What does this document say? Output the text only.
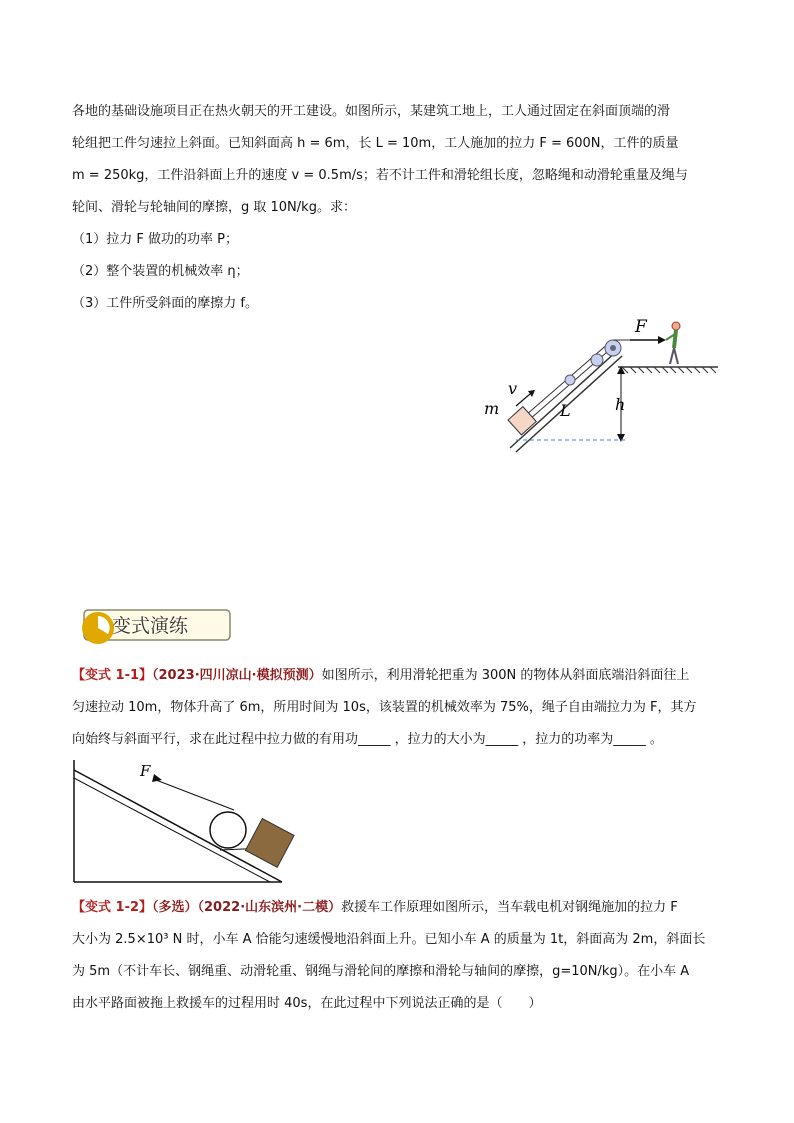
各地的基础设施项目正在热火朝天的开工建设。如图所示，某建筑工地上，工人通过固定在斜面顶端的滑
轮组把工件匀速拉上斜面。已知斜面高 h = 6m，长 L = 10m，工人施加的拉力 F = 600N，工件的质量
m = 250kg，工件沿斜面上升的速度 v = 0.5m/s；若不计工件和滑轮组长度，忽略绳和动滑轮重量及绳与
轮间、滑轮与轮轴间的摩擦，g 取 10N/kg。求：
（1）拉力 F 做功的功率 P；
（2）整个装置的机械效率 η；
（3）工件所受斜面的摩擦力 f。
F
m
v
L	h
变式演练
【变式 1-1】（2023·四川凉山·模拟预测）如图所示，利用滑轮把重为 300N 的物体从斜面底端沿斜面往上
匀速拉动 10m，物体升高了 6m，所用时间为 10s，该装置的机械效率为 75%，绳子自由端拉力为 F，其方
向始终与斜面平行，求在此过程中拉力做的有用功_____ ，拉力的大小为_____ ，拉力的功率为_____ 。
F
【变式 1-2】（多选）（2022·山东滨州·二模）救援车工作原理如图所示，当车载电机对钢绳施加的拉力 F
大小为 2.5×10³ N 时，小车 A 恰能匀速缓慢地沿斜面上升。已知小车 A 的质量为 1t，斜面高为 2m，斜面长
为 5m（不计车长、钢绳重、动滑轮重、钢绳与滑轮间的摩擦和滑轮与轴间的摩擦，g=10N/kg）。在小车 A
由水平路面被拖上救援车的过程用时 40s，在此过程中下列说法正确的是（　　）
